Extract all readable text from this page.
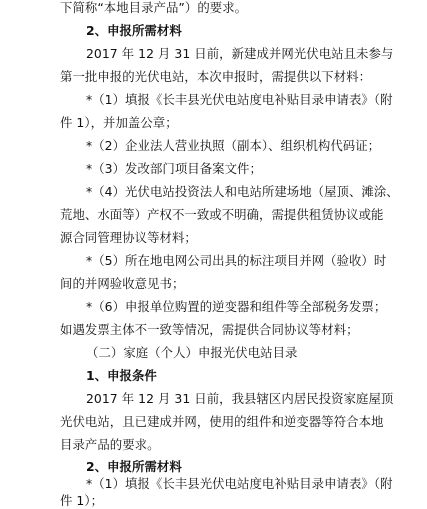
下简称“本地目录产品”）的要求。
2、申报所需材料
2017 年 12 月 31 日前，新建成并网光伏电站且未参与
第一批申报的光伏电站，本次申报时，需提供以下材料：
*（1）填报《长丰县光伏电站度电补贴目录申请表》（附
件 1），并加盖公章；
*（2）企业法人营业执照（副本）、组织机构代码证；
*（3）发改部门项目备案文件；
*（4）光伏电站投资法人和电站所建场地（屋顶、滩涂、
荒地、水面等）产权不一致或不明确，需提供租赁协议或能
源合同管理协议等材料；
*（5）所在地电网公司出具的标注项目并网（验收）时
间的并网验收意见书；
*（6）申报单位购置的逆变器和组件等全部税务发票；
如遇发票主体不一致等情况，需提供合同协议等材料；
（二）家庭（个人）申报光伏电站目录
1、申报条件
2017 年 12 月 31 日前，我县辖区内居民投资家庭屋顶
光伏电站，且已建成并网，使用的组件和逆变器等符合本地
目录产品的要求。
2、申报所需材料
*（1）填报《长丰县光伏电站度电补贴目录申请表》（附
件 1）；
